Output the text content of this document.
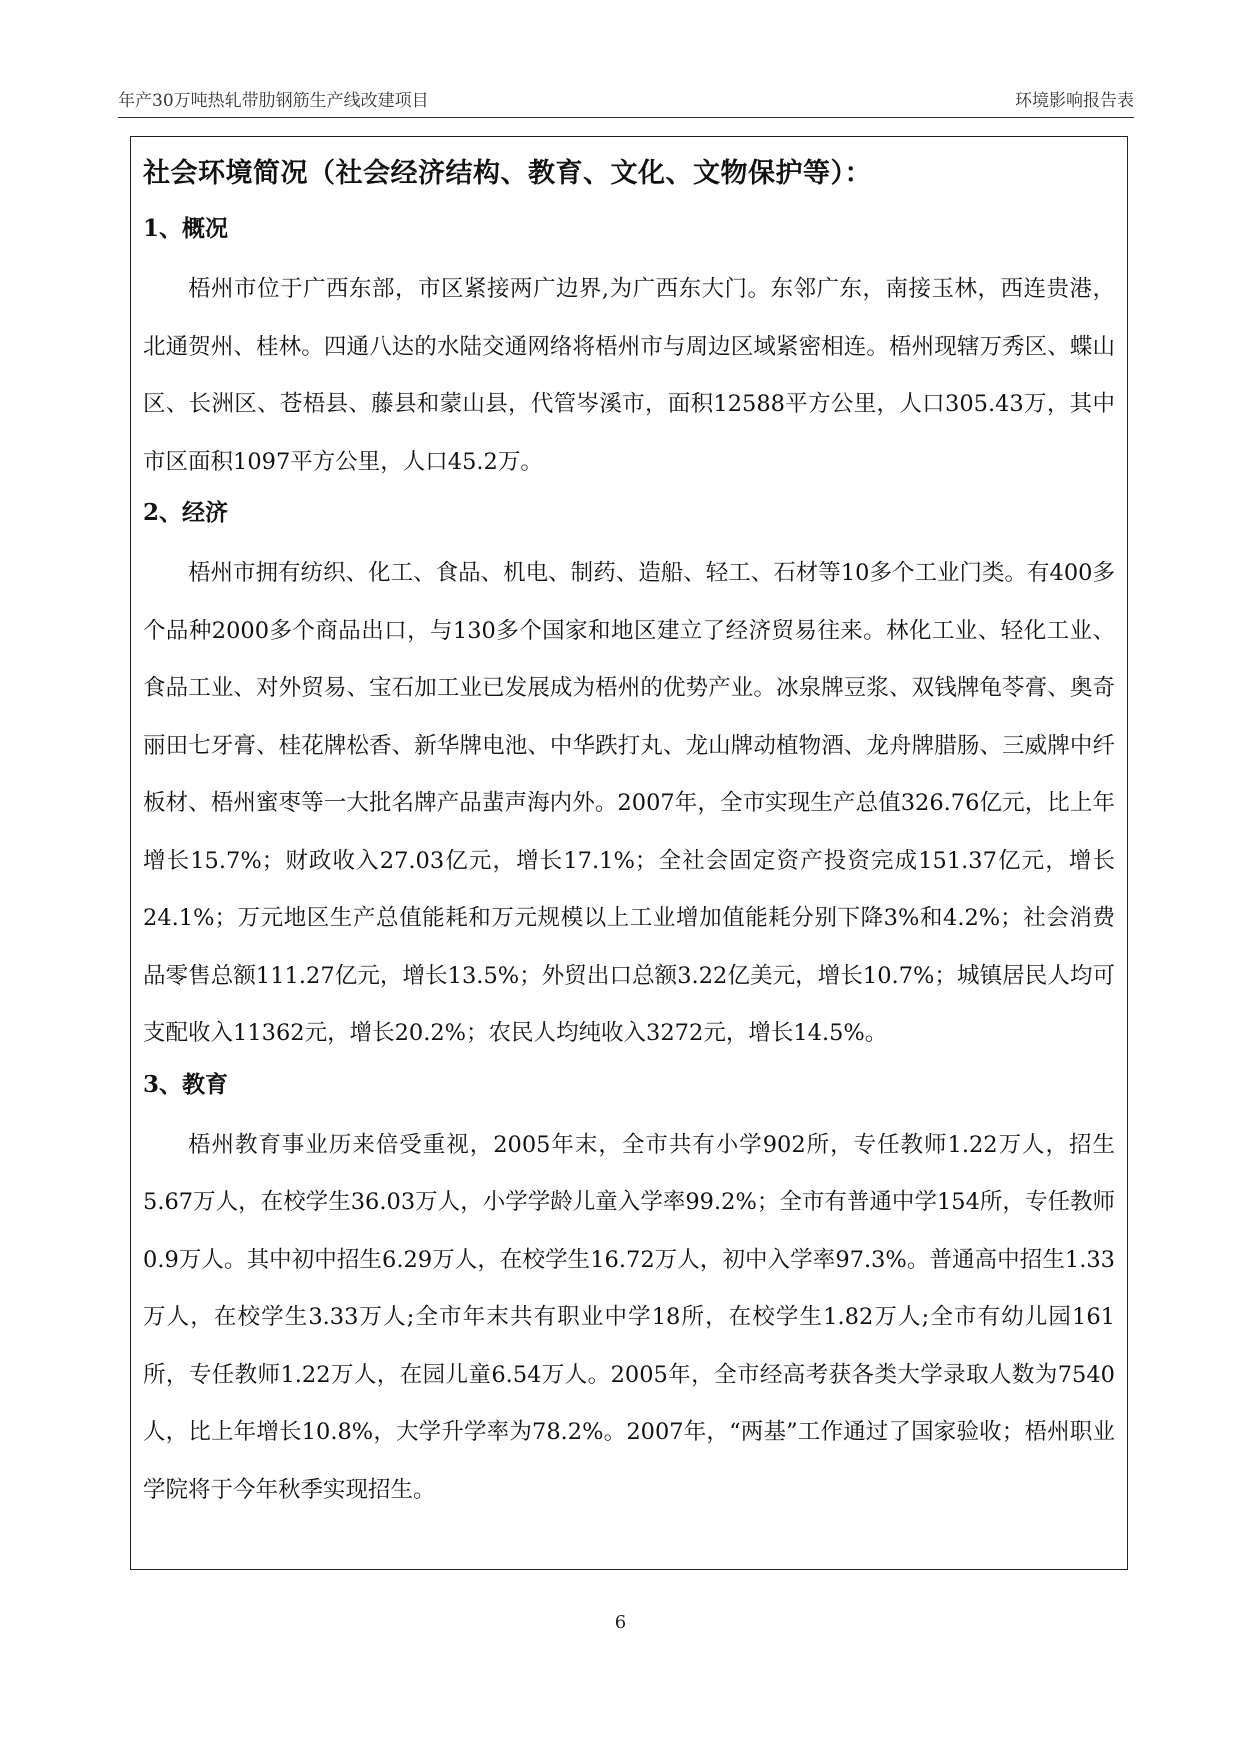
年产30万吨热轧带肋钢筋生产线改建项目	环境影响报告表
社会环境简况（社会经济结构、教育、文化、文物保护等）：
1、概况

梧州市位于广西东部，市区紧接两广边界,为广西东大门。东邻广东，南接玉林，西连贵港，北通贺州、桂林。四通八达的水陆交通网络将梧州市与周边区域紧密相连。梧州现辖万秀区、蝶山区、长洲区、苍梧县、藤县和蒙山县，代管岑溪市，面积12588平方公里，人口305.43万，其中市区面积1097平方公里，人口45.2万。

2、经济

梧州市拥有纺织、化工、食品、机电、制药、造船、轻工、石材等10多个工业门类。有400多个品种2000多个商品出口，与130多个国家和地区建立了经济贸易往来。林化工业、轻化工业、食品工业、对外贸易、宝石加工业已发展成为梧州的优势产业。冰泉牌豆浆、双钱牌龟苓膏、奥奇丽田七牙膏、桂花牌松香、新华牌电池、中华跌打丸、龙山牌动植物酒、龙舟牌腊肠、三威牌中纤板材、梧州蜜枣等一大批名牌产品蜚声海内外。2007年，全市实现生产总值326.76亿元，比上年增长15.7%；财政收入27.03亿元，增长17.1%；全社会固定资产投资完成151.37亿元，增长24.1%；万元地区生产总值能耗和万元规模以上工业增加值能耗分别下降3%和4.2%；社会消费品零售总额111.27亿元，增长13.5%；外贸出口总额3.22亿美元，增长10.7%；城镇居民人均可支配收入11362元，增长20.2%；农民人均纯收入3272元，增长14.5%。

3、教育

梧州教育事业历来倍受重视，2005年末，全市共有小学902所，专任教师1.22万人，招生5.67万人，在校学生36.03万人，小学学龄儿童入学率99.2%；全市有普通中学154所，专任教师0.9万人。其中初中招生6.29万人，在校学生16.72万人，初中入学率97.3%。普通高中招生1.33万人，在校学生3.33万人;全市年末共有职业中学18所，在校学生1.82万人;全市有幼儿园161所，专任教师1.22万人，在园儿童6.54万人。2005年，全市经高考获各类大学录取人数为7540人，比上年增长10.8%，大学升学率为78.2%。2007年，“两基”工作通过了国家验收；梧州职业学院将于今年秋季实现招生。

6
